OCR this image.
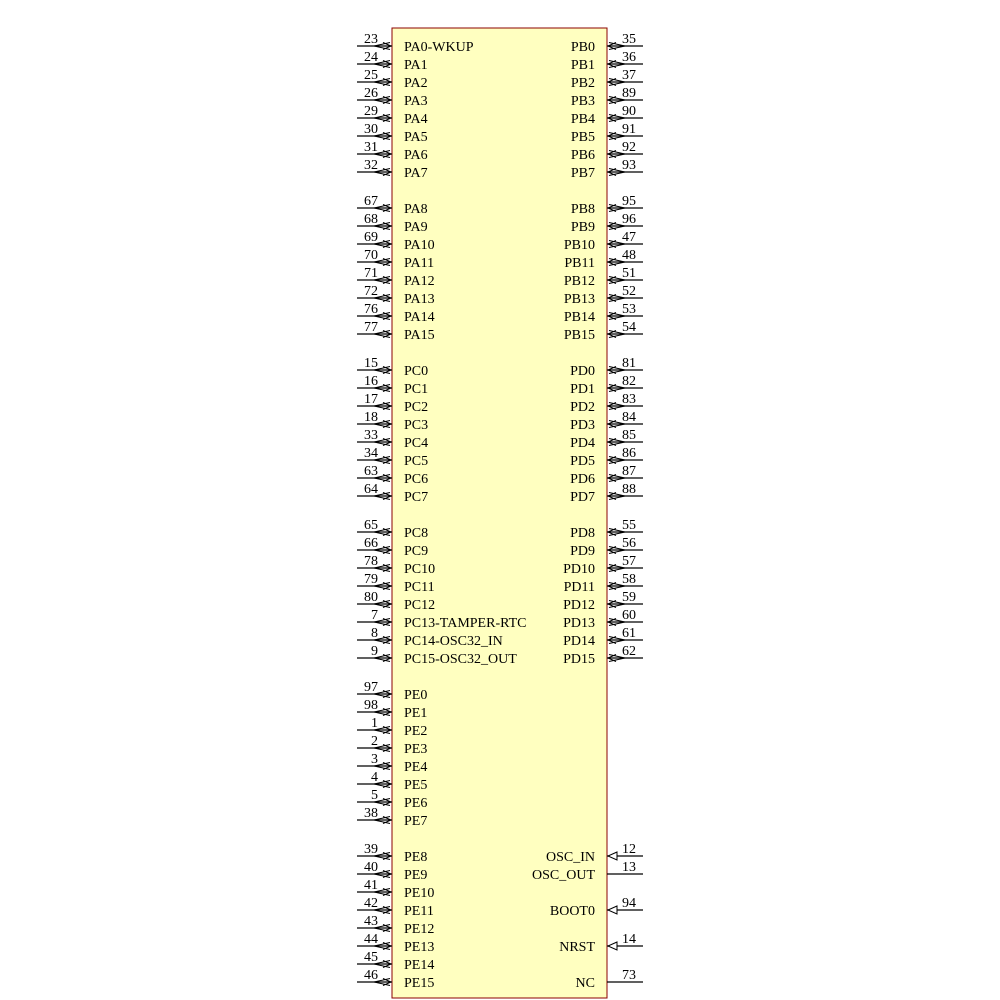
23
PA0-WKUP
24
PA1
25
PA2
26
PA3
29
PA4
30
PA5
31
PA6
32
PA7
67
PA8
68
PA9
69
PA10
70
PA11
71
PA12
72
PA13
76
PA14
77
PA15
15
PC0
16
PC1
17
PC2
18
PC3
33
PC4
34
PC5
63
PC6
64
PC7
65
PC8
66
PC9
78
PC10
79
PC11
80
PC12
7
PC13-TAMPER-RTC
8
PC14-OSC32_IN
9
PC15-OSC32_OUT
97
PE0
98
PE1
1
PE2
2
PE3
3
PE4
4
PE5
5
PE6
38
PE7
39
PE8
40
PE9
41
PE10
42
PE11
43
PE12
44
PE13
45
PE14
46
PE15
35
PB0
36
PB1
37
PB2
89
PB3
90
PB4
91
PB5
92
PB6
93
PB7
95
PB8
96
PB9
47
PB10
48
PB11
51
PB12
52
PB13
53
PB14
54
PB15
81
PD0
82
PD1
83
PD2
84
PD3
85
PD4
86
PD5
87
PD6
88
PD7
55
PD8
56
PD9
57
PD10
58
PD11
59
PD12
60
PD13
61
PD14
62
PD15
12
OSC_IN
13
OSC_OUT
94
BOOT0
14
NRST
73
NC
